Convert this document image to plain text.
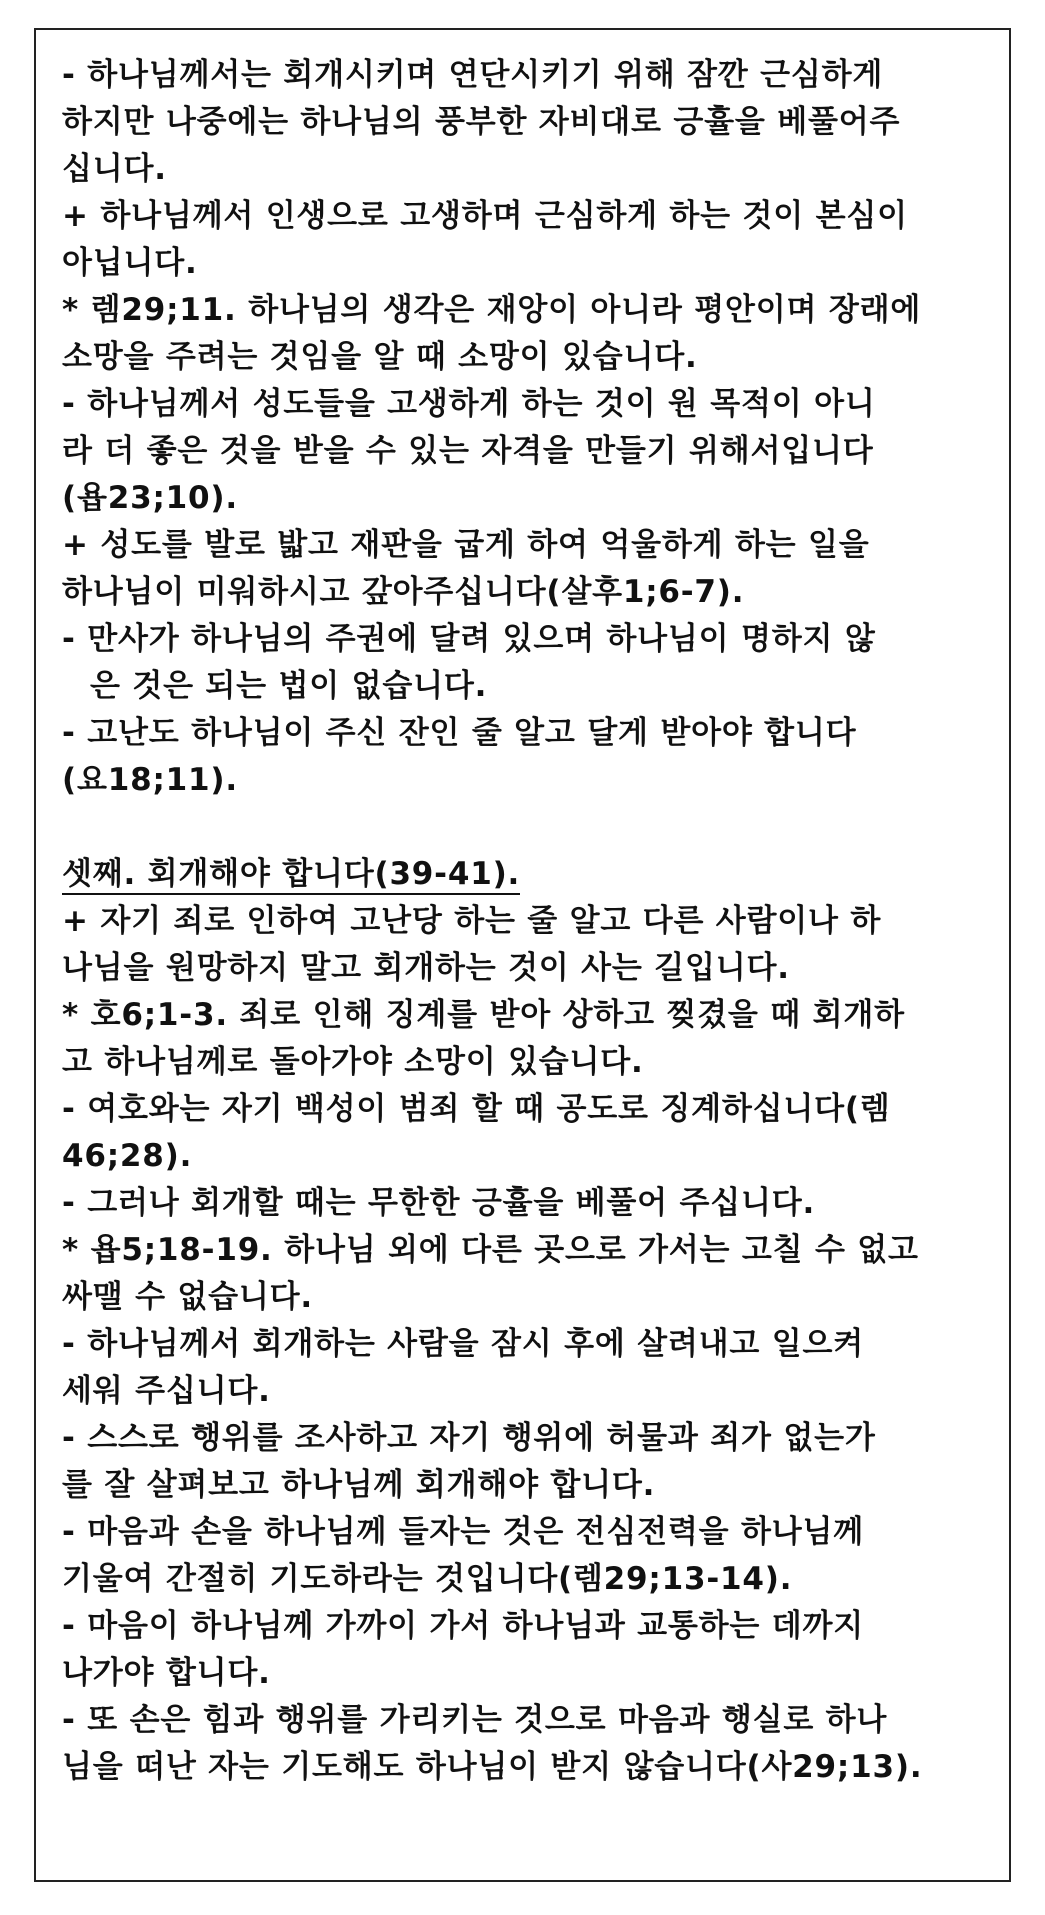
- 하나님께서는 회개시키며 연단시키기 위해 잠깐 근심하게
하지만 나중에는 하나님의 풍부한 자비대로 긍휼을 베풀어주
십니다.
+ 하나님께서 인생으로 고생하며 근심하게 하는 것이 본심이
아닙니다.
* 렘29;11. 하나님의 생각은 재앙이 아니라 평안이며 장래에
소망을 주려는 것임을 알 때 소망이 있습니다.
- 하나님께서 성도들을 고생하게 하는 것이 원 목적이 아니
라 더 좋은 것을 받을 수 있는 자격을 만들기 위해서입니다
(욥23;10).
+ 성도를 발로 밟고 재판을 굽게 하여 억울하게 하는 일을
하나님이 미워하시고 갚아주십니다(살후1;6-7).
- 만사가 하나님의 주권에 달려 있으며 하나님이 명하지 않
은 것은 되는 법이 없습니다.
- 고난도 하나님이 주신 잔인 줄 알고 달게 받아야 합니다
(요18;11).
셋째. 회개해야 합니다(39-41).
+ 자기 죄로 인하여 고난당 하는 줄 알고 다른 사람이나 하
나님을 원망하지 말고 회개하는 것이 사는 길입니다.
* 호6;1-3. 죄로 인해 징계를 받아 상하고 찢겼을 때 회개하
고 하나님께로 돌아가야 소망이 있습니다.
- 여호와는 자기 백성이 범죄 할 때 공도로 징계하십니다(렘
46;28).
- 그러나 회개할 때는 무한한 긍휼을 베풀어 주십니다.
* 욥5;18-19. 하나님 외에 다른 곳으로 가서는 고칠 수 없고
싸맬 수 없습니다.
- 하나님께서 회개하는 사람을 잠시 후에 살려내고 일으켜
세워 주십니다.
- 스스로 행위를 조사하고 자기 행위에 허물과 죄가 없는가
를 잘 살펴보고 하나님께 회개해야 합니다.
- 마음과 손을 하나님께 들자는 것은 전심전력을 하나님께
기울여 간절히 기도하라는 것입니다(렘29;13-14).
- 마음이 하나님께 가까이 가서 하나님과 교통하는 데까지
나가야 합니다.
- 또 손은 힘과 행위를 가리키는 것으로 마음과 행실로 하나
님을 떠난 자는 기도해도 하나님이 받지 않습니다(사29;13).
